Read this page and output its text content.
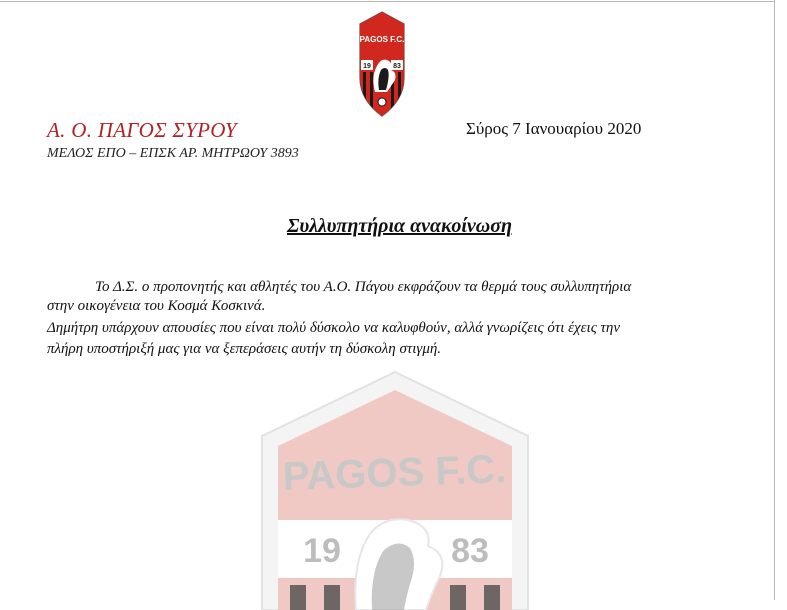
PAGOS F.C.
19	83
Α. Ο. ΠΑΓΟΣ ΣΥΡΟΥ
ΜΕΛΟΣ ΕΠΟ – ΕΠΣΚ ΑΡ. ΜΗΤΡΩΟΥ 3893
Σύρος 7 Ιανουαρίου 2020
Συλλυπητήρια ανακοίνωση
Το Δ.Σ. ο προπονητής και αθλητές του Α.Ο. Πάγου εκφράζουν τα θερμά τους συλλυπητήρια
στην οικογένεια του Κοσμά Κοσκινά.
Δημήτρη υπάρχουν απουσίες που είναι πολύ δύσκολο να καλυφθούν, αλλά γνωρίζεις ότι έχεις την
πλήρη υποστήριξή μας για να ξεπεράσεις αυτήν τη δύσκολη στιγμή.
PAGOS F.C.
19	83
